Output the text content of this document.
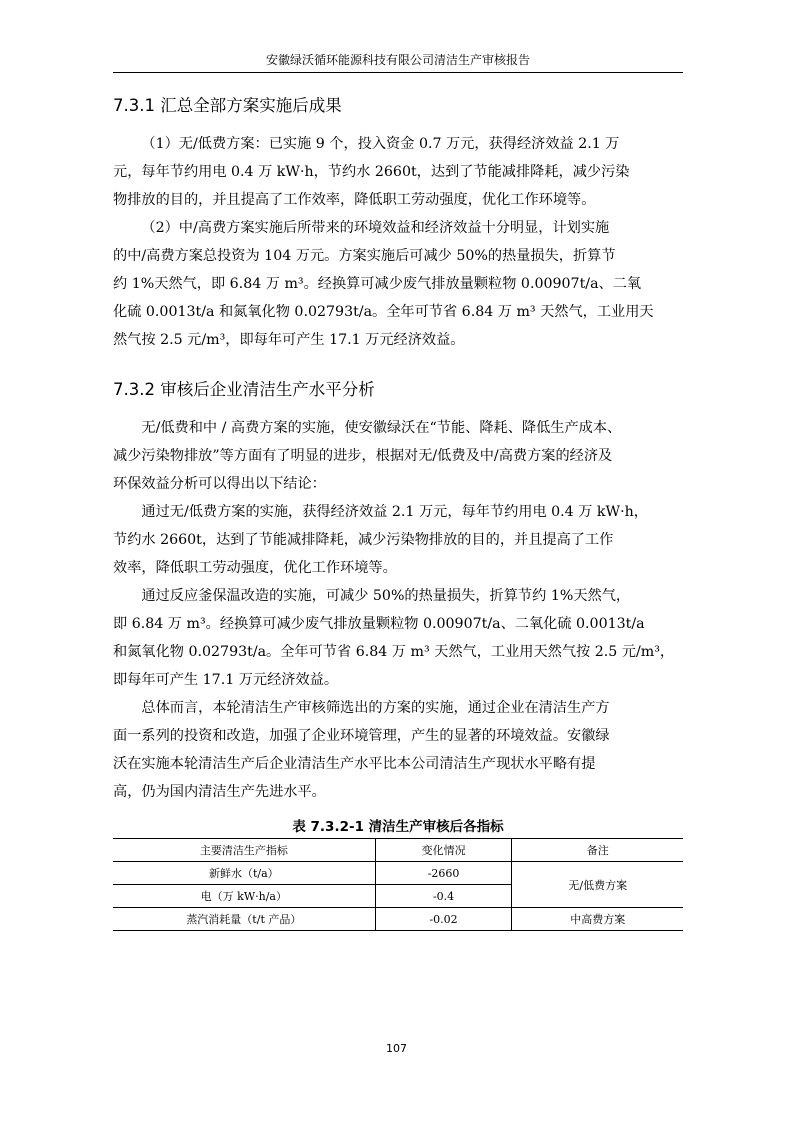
安徽绿沃循环能源科技有限公司清洁生产审核报告
7.3.1 汇总全部方案实施后成果
（1）无/低费方案：已实施 9 个，投入资金 0.7 万元，获得经济效益 2.1 万
元，每年节约用电 0.4 万 kW·h，节约水 2660t，达到了节能减排降耗，减少污染
物排放的目的，并且提高了工作效率，降低职工劳动强度，优化工作环境等。
（2）中/高费方案实施后所带来的环境效益和经济效益十分明显，计划实施
的中/高费方案总投资为 104 万元。方案实施后可减少 50%的热量损失，折算节
约 1%天然气，即 6.84 万 m³。经换算可减少废气排放量颗粒物 0.00907t/a、二氧
化硫 0.0013t/a 和氮氧化物 0.02793t/a。全年可节省 6.84 万 m³ 天然气，工业用天
然气按 2.5 元/m³，即每年可产生 17.1 万元经济效益。
7.3.2 审核后企业清洁生产水平分析
无/低费和中 / 高费方案的实施，使安徽绿沃在“节能、降耗、降低生产成本、
减少污染物排放”等方面有了明显的进步，根据对无/低费及中/高费方案的经济及
环保效益分析可以得出以下结论：
通过无/低费方案的实施，获得经济效益 2.1 万元，每年节约用电 0.4 万 kW·h，
节约水 2660t，达到了节能减排降耗，减少污染物排放的目的，并且提高了工作
效率，降低职工劳动强度，优化工作环境等。
通过反应釜保温改造的实施，可减少 50%的热量损失，折算节约 1%天然气，
即 6.84 万 m³。经换算可减少废气排放量颗粒物 0.00907t/a、二氧化硫 0.0013t/a
和氮氧化物 0.02793t/a。全年可节省 6.84 万 m³ 天然气，工业用天然气按 2.5 元/m³，
即每年可产生 17.1 万元经济效益。
总体而言，本轮清洁生产审核筛选出的方案的实施，通过企业在清洁生产方
面一系列的投资和改造，加强了企业环境管理，产生的显著的环境效益。安徽绿
沃在实施本轮清洁生产后企业清洁生产水平比本公司清洁生产现状水平略有提
高，仍为国内清洁生产先进水平。
表 7.3.2-1 清洁生产审核后各指标
主要清洁生产指标	变化情况	备注
新鲜水（t/a）	-2660	无/低费方案
电（万 kW·h/a）	-0.4	
蒸汽消耗量（t/t 产品）	-0.02	中高费方案
107
